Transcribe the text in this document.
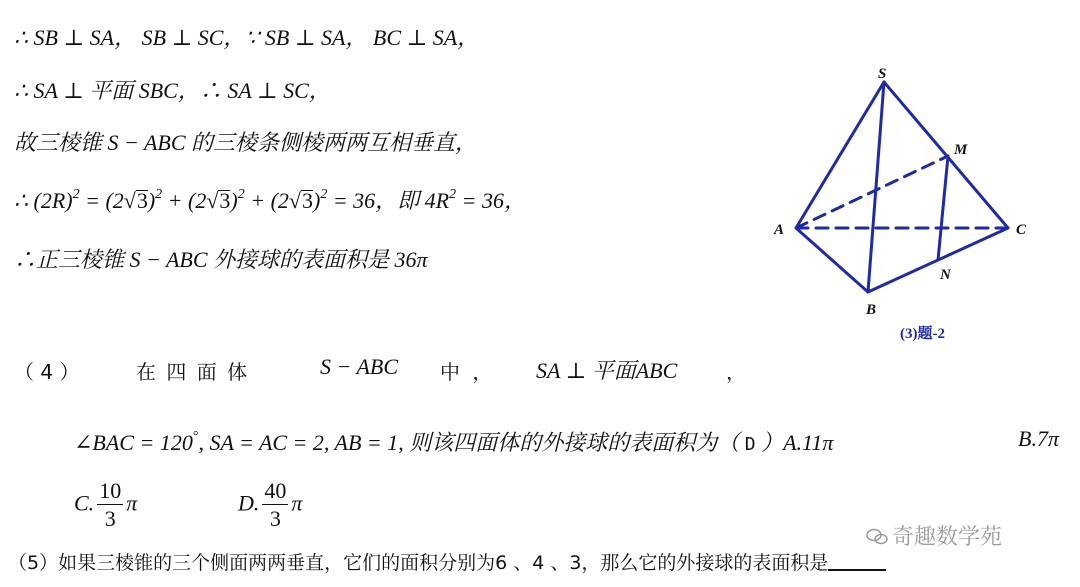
∴ SB ⊥ SA， SB ⊥ SC，∵ SB ⊥ SA， BC ⊥ SA，
∴ SA ⊥ 平面 SBC，∴ SA ⊥ SC，
故三棱锥 S − ABC 的三棱条侧棱两两互相垂直，
∴ $(2R)^2 = (2√3)^2 + (2√3)^2 + (2√3)^2 = 36$，即 $4R^2 = 36$，
∴正三棱锥 S − ABC 外接球的表面积是 36π
S
M
A	C
N
B
(3)题-2
（ 4 ）	在 四 面 体	S − ABC 中 ， SA ⊥ 平面ABC ，
∠BAC = 120°, SA = AC = 2, AB = 1, 则该四面体的外接球的表面积为（ D ）A.11π	B.7π
C. $\frac{10}{3}$ π	D. $\frac{40}{3}$ π
奇趣数学苑
（5）如果三棱锥的三个侧面两两垂直，它们的面积分别为6 、4 、3，那么它的外接球的表面积是
